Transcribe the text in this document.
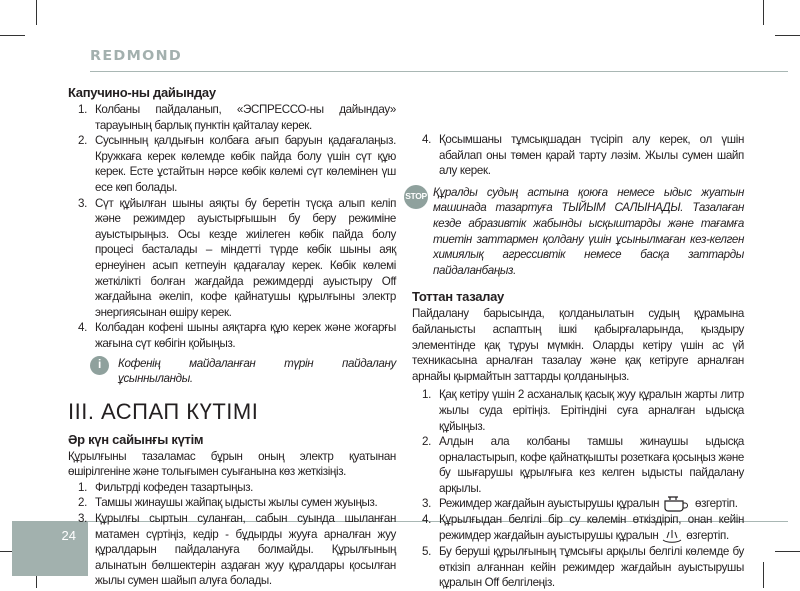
REDMOND
24
Капучино-ны дайындау
1. Колбаны пайдаланып, «ЭСПРЕССО-ны дайындау» тарауының барлық пунктін қайталау керек.
2. Сусынның қалдығын колбаға ағып баруын қадағалаңыз. Кружкаға керек көлемде көбік пайда болу үшін сүт құю керек. Есте ұстайтын нәрсе көбік көлемі сүт көлемінен үш есе көп болады.
3. Сүт құйылған шыны аяқты бу беретін түсқа алып келіп және режимдер ауыстырғышын бу беру режиміне ауыстырыңыз. Осы кезде жиілеген көбік пайда болу процесі басталады – міндетті түрде көбік шыны аяқ ернеуінен асып кетпеуін қадағалау керек. Көбік көлемі жеткілікті болған жағдайда режимдерді ауыстыру Off жағдайына әкеліп, кофе қайнатушы құрылғыны электр энергиясынан өшіру керек.
4. Колбадан кофені шыны аяқтарға құю керек және жоғарғы жағына сүт көбігін қойыңыз.
i	Кофенің майдаланған түрін пайдалану ұсынныланды.
III. АСПАП КҮТІМІ
Әр күн сайынғы күтім

Құрылғыны тазаламас бұрын оның электр қуатынан өшірілгеніне және толығымен суығанына көз жеткізіңіз.

1. Фильтрді кофеден тазартыңыз.
2. Тамшы жинаушы жайпақ ыдысты жылы сумен жуыңыз.
3. Құрылғы сыртын суланған, сабын суында шыланған матамен сүртіңіз, кедір - бұдырды жууға арналған жуу құралдарын пайдалануға болмайды. Құрылғының алынатын бөлшектерін аздаған жуу құралдары қосылған жылы сумен шайып алуға болады.
4. Қосымшаны тұмсықшадан түсіріп алу керек, ол үшін абайлап оны төмен қарай тарту ләзім. Жылы сумен шайп алу керек.
STOP Құралды судың астына қоюға немесе ыдыс жуатын машинада тазартуға ТЫЙЫМ САЛЫНАДЫ. Тазалаған кезде абразивтік жабынды ысқыштарды және тағамға тиетін заттармен қолдану үшін ұсынылмаған кез-келген химиялық агрессивтік немесе басқа заттарды пайдаланбаңыз.
Тоттан тазалау

Пайдалану барысында, қолданылатын судың құрамына байланысты аспаптың ішкі қабырғаларында, қыздыру элементінде қақ тұруы мүмкін. Оларды кетіру үшін ас үй техникасына арналған тазалау және қақ кетіруге арналған арнайы қырмайтын заттарды қолданыңыз.

1. Қақ кетіру үшін 2 асханалық қасық жуу құралын жарты литр жылы суда ерітіңіз. Ерітіндіні суға арналған ыдысқа құйыңыз.
2. Алдын ала колбаны тамшы жинаушы ыдысқа орналастырып, кофе қайнатқышты розеткаға қосыңыз және бу шығарушы құрылғыға кез келген ыдысты пайдалану арқылы.
3. Режимдер жағдайын ауыстырушы құралын	өзгертіп.
4. Құрылғыдан белгілі бір су көлемін өткіздіріп, онан кейін режимдер жағдайын ауыстырушы құралын өзгертіп.
5. Бу беруші құрылғының тұмсығы арқылы белгілі көлемде бу өткізіп алғаннан кейін режимдер жағдайын ауыстырушы құралын Off белгілеңіз.
